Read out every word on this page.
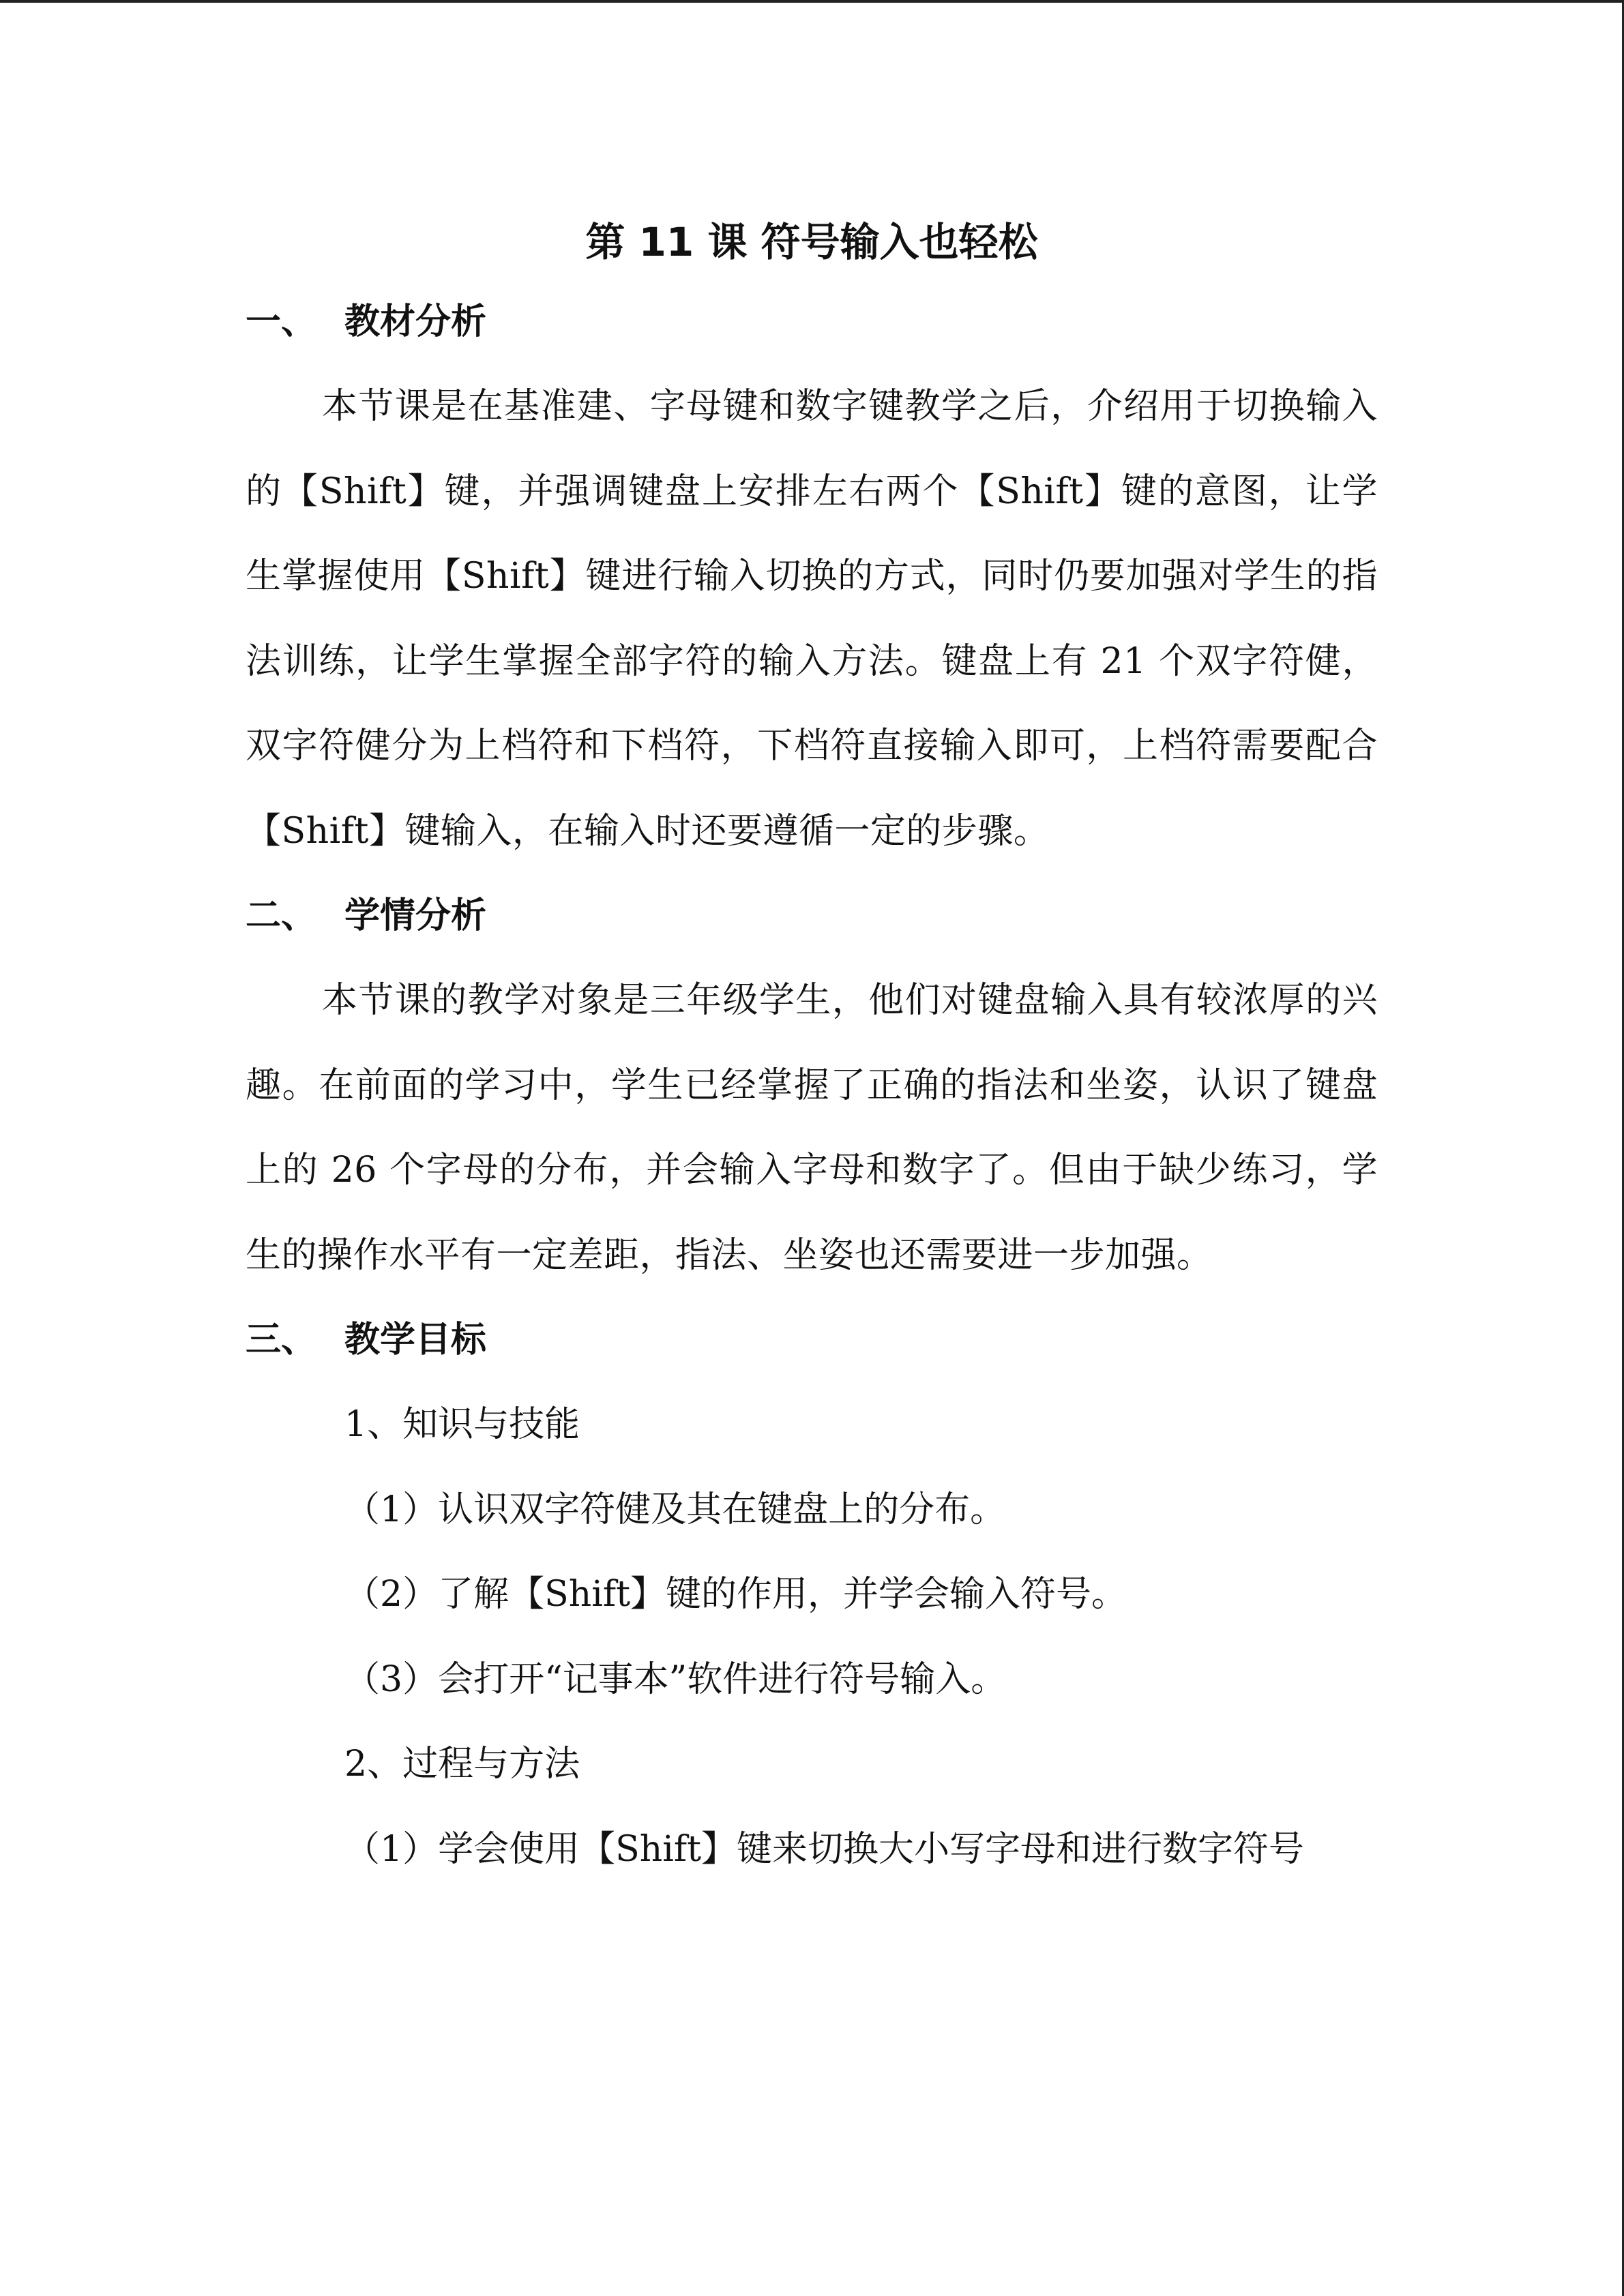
第 11 课 符号输入也轻松
一、 教材分析

本节课是在基准建、字母键和数字键教学之后，介绍用于切换输入的【Shift】键，并强调键盘上安排左右两个【Shift】键的意图，让学生掌握使用【Shift】键进行输入切换的方式，同时仍要加强对学生的指法训练，让学生掌握全部字符的输入方法。键盘上有 21 个双字符健，双字符健分为上档符和下档符，下档符直接输入即可，上档符需要配合【Shift】键输入，在输入时还要遵循一定的步骤。

二、 学情分析

本节课的教学对象是三年级学生，他们对键盘输入具有较浓厚的兴趣。在前面的学习中，学生已经掌握了正确的指法和坐姿，认识了键盘上的 26 个字母的分布，并会输入字母和数字了。但由于缺少练习，学生的操作水平有一定差距，指法、坐姿也还需要进一步加强。

三、 教学目标
1、知识与技能
（1）认识双字符健及其在键盘上的分布。
（2）了解【Shift】键的作用，并学会输入符号。
（3）会打开“记事本”软件进行符号输入。
2、过程与方法
（1）学会使用【Shift】键来切换大小写字母和进行数字符号
